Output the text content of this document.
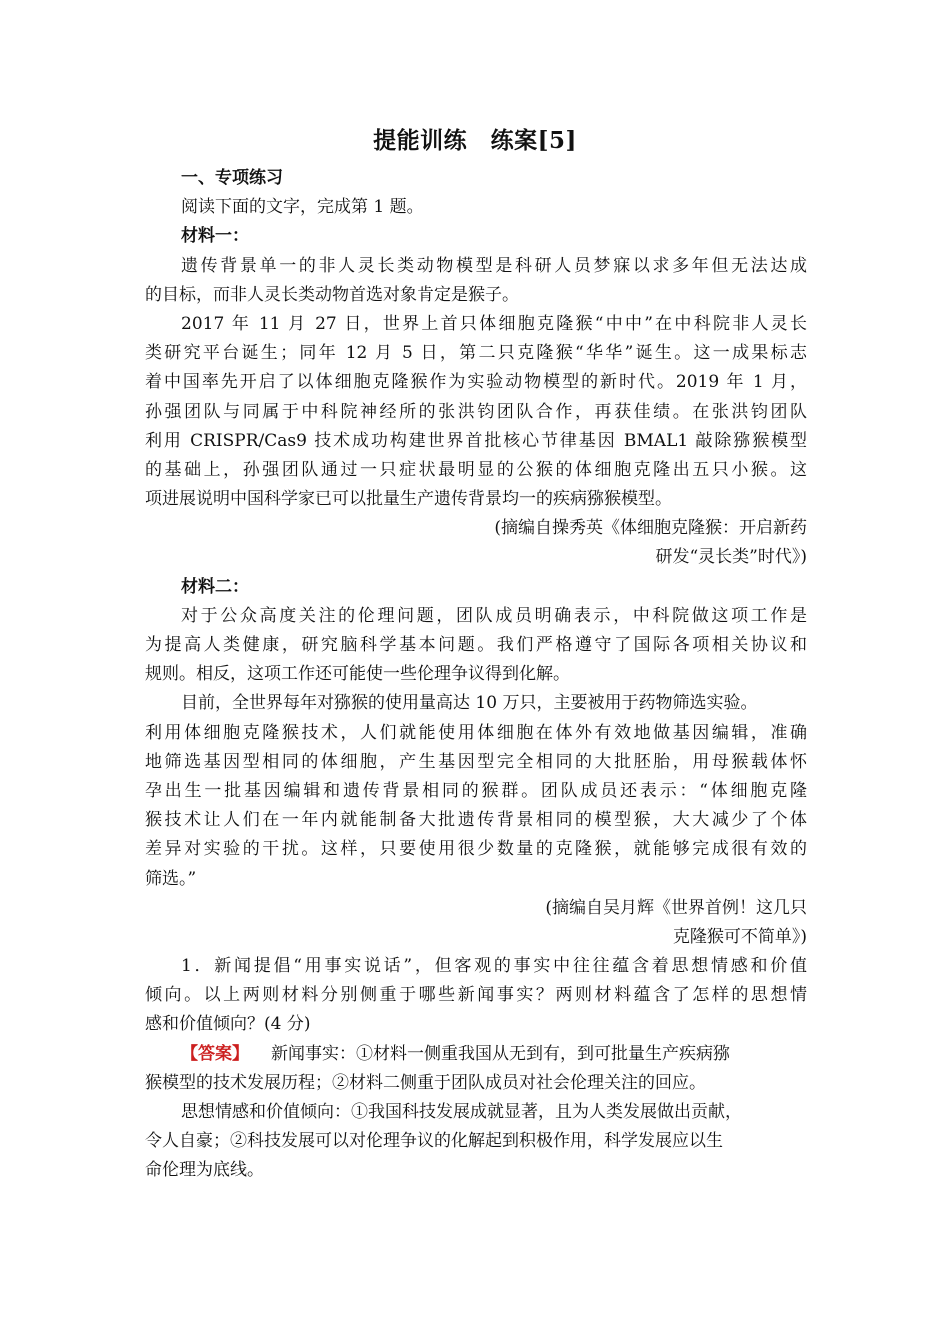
提能训练　练案[5]
一、专项练习
阅读下面的文字，完成第 1 题。
材料一：
遗传背景单一的非人灵长类动物模型是科研人员梦寐以求多年但无法达成
的目标，而非人灵长类动物首选对象肯定是猴子。
2017 年 11 月 27 日，世界上首只体细胞克隆猴“中中”在中科院非人灵长
类研究平台诞生；同年 12 月 5 日，第二只克隆猴“华华”诞生。这一成果标志
着中国率先开启了以体细胞克隆猴作为实验动物模型的新时代。2019 年 1 月，
孙强团队与同属于中科院神经所的张洪钧团队合作，再获佳绩。在张洪钧团队
利用 CRISPR/Cas9 技术成功构建世界首批核心节律基因 BMAL1 敲除猕猴模型
的基础上，孙强团队通过一只症状最明显的公猴的体细胞克隆出五只小猴。这
项进展说明中国科学家已可以批量生产遗传背景均一的疾病猕猴模型。
(摘编自操秀英《体细胞克隆猴：开启新药
研发“灵长类”时代》)
材料二：
对于公众高度关注的伦理问题，团队成员明确表示，中科院做这项工作是
为提高人类健康，研究脑科学基本问题。我们严格遵守了国际各项相关协议和
规则。相反，这项工作还可能使一些伦理争议得到化解。
目前，全世界每年对猕猴的使用量高达 10 万只，主要被用于药物筛选实验。
利用体细胞克隆猴技术，人们就能使用体细胞在体外有效地做基因编辑，准确
地筛选基因型相同的体细胞，产生基因型完全相同的大批胚胎，用母猴载体怀
孕出生一批基因编辑和遗传背景相同的猴群。团队成员还表示：“体细胞克隆
猴技术让人们在一年内就能制备大批遗传背景相同的模型猴，大大减少了个体
差异对实验的干扰。这样，只要使用很少数量的克隆猴，就能够完成很有效的
筛选。”
(摘编自吴月辉《世界首例！这几只
克隆猴可不简单》)
1．新闻提倡“用事实说话”，但客观的事实中往往蕴含着思想情感和价值
倾向。以上两则材料分别侧重于哪些新闻事实？两则材料蕴含了怎样的思想情
感和价值倾向？(4 分)
【答案】 新闻事实：①材料一侧重我国从无到有，到可批量生产疾病猕
猴模型的技术发展历程；②材料二侧重于团队成员对社会伦理关注的回应。
思想情感和价值倾向：①我国科技发展成就显著，且为人类发展做出贡献，
令人自豪；②科技发展可以对伦理争议的化解起到积极作用，科学发展应以生
命伦理为底线。
